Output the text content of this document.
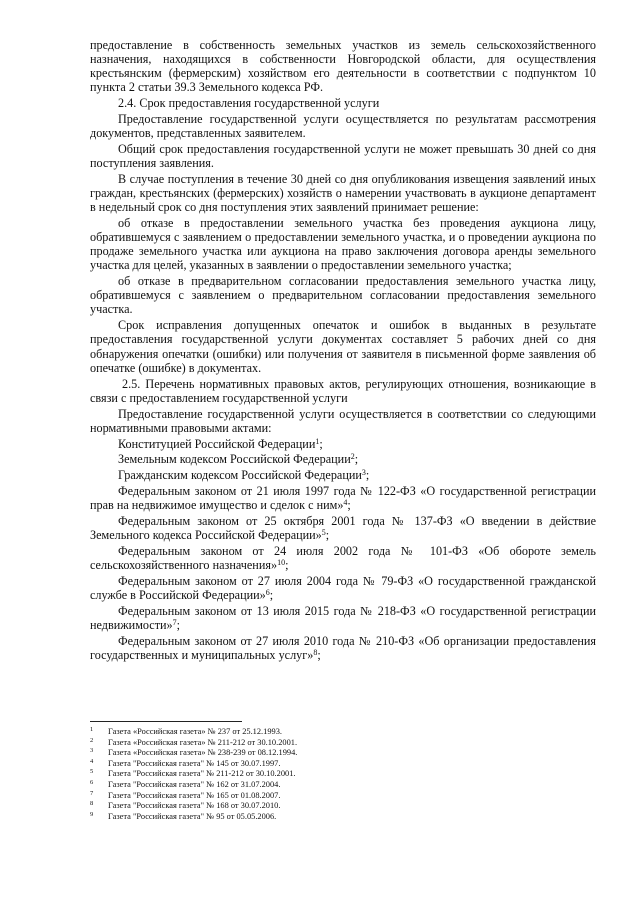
предоставление в собственность земельных участков из земель сельскохозяйственного назначения, находящихся в собственности Новгородской области, для осуществления крестьянским (фермерским) хозяйством его деятельности в соответствии с подпунктом 10 пункта 2 статьи 39.3 Земельного кодекса РФ.

2.4. Срок предоставления государственной услуги

Предоставление государственной услуги осуществляется по результатам рассмотрения документов, представленных заявителем.

Общий срок предоставления государственной услуги не может превышать 30 дней со дня поступления заявления.

В случае поступления в течение 30 дней со дня опубликования извещения заявлений иных граждан, крестьянских (фермерских) хозяйств о намерении участвовать в аукционе департамент в недельный срок со дня поступления этих заявлений принимает решение:

об отказе в предоставлении земельного участка без проведения аукциона лицу, обратившемуся с заявлением о предоставлении земельного участка, и о проведении аукциона по продаже земельного участка или аукциона на право заключения договора аренды земельного участка для целей, указанных в заявлении о предоставлении земельного участка;

об отказе в предварительном согласовании предоставления земельного участка лицу, обратившемуся с заявлением о предварительном согласовании предоставления земельного участка.

Срок исправления допущенных опечаток и ошибок в выданных в результате предоставления государственной услуги документах составляет 5 рабочих дней со дня обнаружения опечатки (ошибки) или получения от заявителя в письменной форме заявления об опечатке (ошибке) в документах.

2.5. Перечень нормативных правовых актов, регулирующих отношения, возникающие в связи с предоставлением государственной услуги

Предоставление государственной услуги осуществляется в соответствии со следующими нормативными правовыми актами:

Конституцией Российской Федерации$^1$;

Земельным кодексом Российской Федерации$^2$;

Гражданским кодексом Российской Федерации$^3$;

Федеральным законом от 21 июля 1997 года № 122-ФЗ «О государственной регистрации прав на недвижимое имущество и сделок с ним»$^4$;

Федеральным законом от 25 октября 2001 года № 137-ФЗ «О введении в действие Земельного кодекса Российской Федерации»$^5$;

Федеральным законом от 24 июля 2002 года № 101-ФЗ «Об обороте земель сельскохозяйственного назначения»$^{10}$;

Федеральным законом от 27 июля 2004 года № 79-ФЗ «О государственной гражданской службе в Российской Федерации»$^6$;

Федеральным законом от 13 июля 2015 года № 218-ФЗ «О государственной регистрации недвижимости»$^7$;

Федеральным законом от 27 июля 2010 года № 210-ФЗ «Об организации предоставления государственных и муниципальных услуг»$^8$;

1 Газета «Российская газета» № 237 от 25.12.1993.
2 Газета «Российская газета» № 211-212 от 30.10.2001.
3 Газета «Российская газета» № 238-239 от 08.12.1994.
4 Газета "Российская газета" № 145 от 30.07.1997.
5 Газета "Российская газета" № 211-212 от 30.10.2001.
6 Газета "Российская газета" № 162 от 31.07.2004.
7 Газета "Российская газета" № 165 от 01.08.2007.
8 Газета "Российская газета" № 168 от 30.07.2010.
9 Газета "Российская газета" № 95 от 05.05.2006.
